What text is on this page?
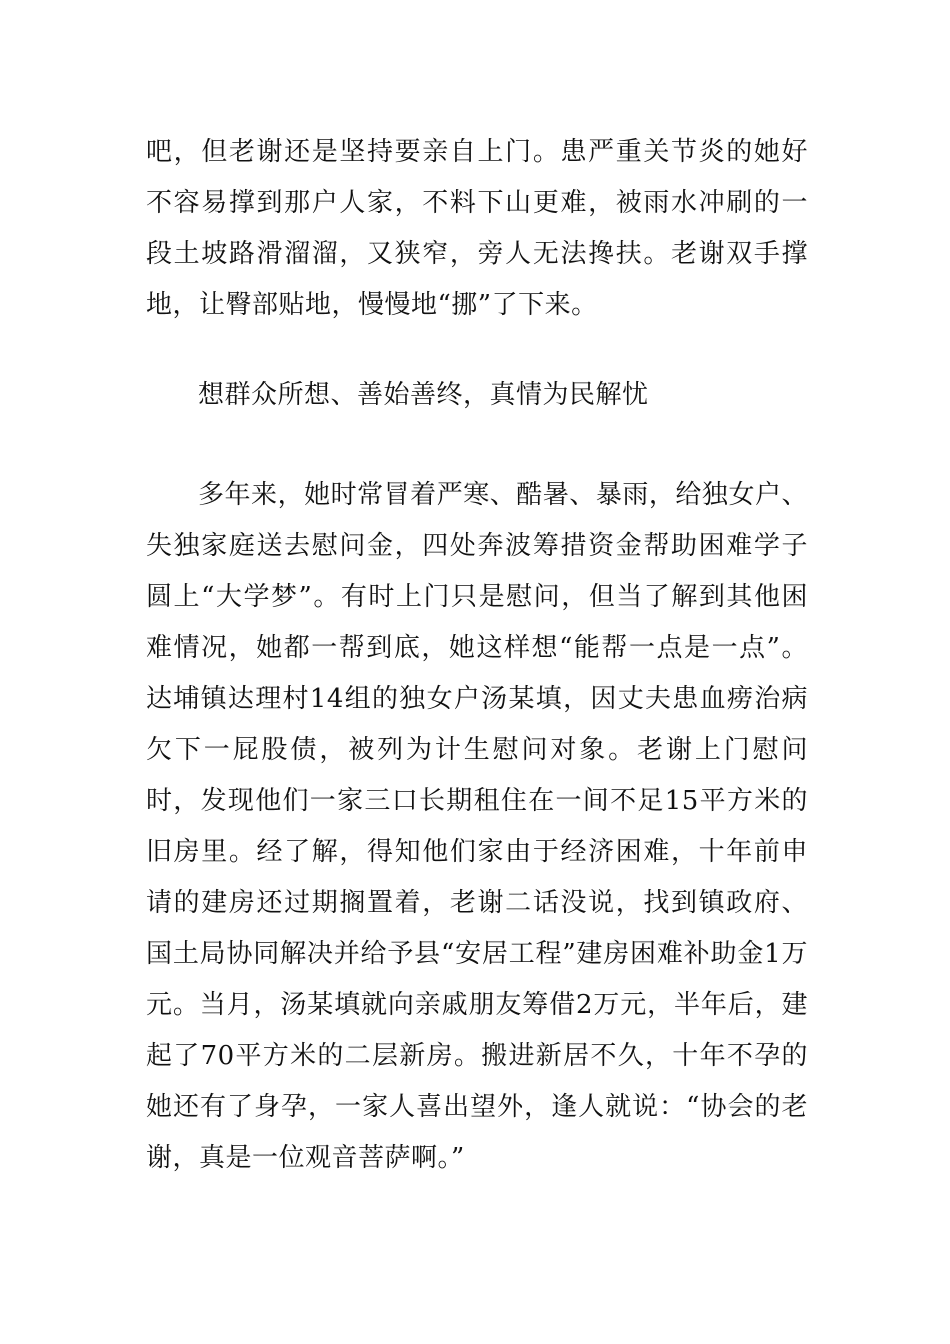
吧，但老谢还是坚持要亲自上门。患严重关节炎的她好不容易撑到那户人家，不料下山更难，被雨水冲刷的一段土坡路滑溜溜，又狭窄，旁人无法搀扶。老谢双手撑地，让臀部贴地，慢慢地“挪”了下来。

想群众所想、善始善终，真情为民解忧

多年来，她时常冒着严寒、酷暑、暴雨，给独女户、失独家庭送去慰问金，四处奔波筹措资金帮助困难学子圆上“大学梦”。有时上门只是慰问，但当了解到其他困难情况，她都一帮到底，她这样想“能帮一点是一点”。达埔镇达理村14组的独女户汤某填，因丈夫患血痨治病欠下一屁股债，被列为计生慰问对象。老谢上门慰问时，发现他们一家三口长期租住在一间不足15平方米的旧房里。经了解，得知他们家由于经济困难，十年前申请的建房还过期搁置着，老谢二话没说，找到镇政府、国土局协同解决并给予县“安居工程”建房困难补助金1万元。当月，汤某填就向亲戚朋友筹借2万元，半年后，建起了70平方米的二层新房。搬进新居不久，十年不孕的她还有了身孕，一家人喜出望外，逢人就说：“协会的老谢，真是一位观音菩萨啊。”
